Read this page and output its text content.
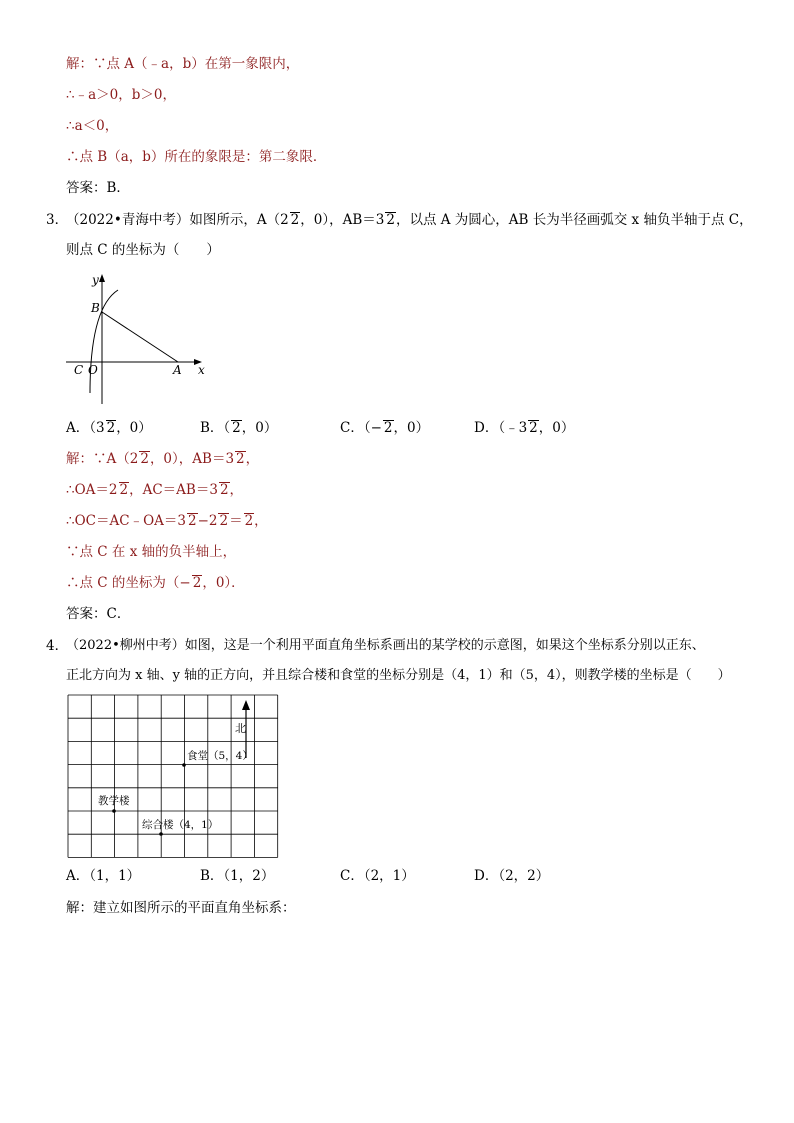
解：∵点 A（﹣a，b）在第一象限内，
∴﹣a＞0，b＞0，
∴a＜0，
∴点 B（a，b）所在的象限是：第二象限．
答案：B．
3．
（2022•青海中考）如图所示，A（2 2，0），AB＝3 2，以点 A 为圆心，AB 长为半径画弧交 x 轴负半轴于点 C，
则点 C 的坐标为（　　）
y
x
B
C O	A
A．（3 2，0）	B．（ 2，0）	C．（− 2，0）	D．（﹣3 2，0）
解：∵A（2 2，0），AB＝3 2，
∴OA＝2 2，AC＝AB＝3 2，
∴OC＝AC﹣OA＝3 2−2 2＝ 2，
∵点 C 在 x 轴的负半轴上，
∴点 C 的坐标为（− 2，0）．
答案：C．
4．
（2022•柳州中考）如图，这是一个利用平面直角坐标系画出的某学校的示意图，如果这个坐标系分别以正东、
正北方向为 x 轴、y 轴的正方向，并且综合楼和食堂的坐标分别是（4，1）和（5，4），则教学楼的坐标是（　　）
北
食堂（5，4）
教学楼
综合楼（4，1）
A．（1，1）	B．（1，2）	C．（2，1）	D．（2，2）
解：建立如图所示的平面直角坐标系：
